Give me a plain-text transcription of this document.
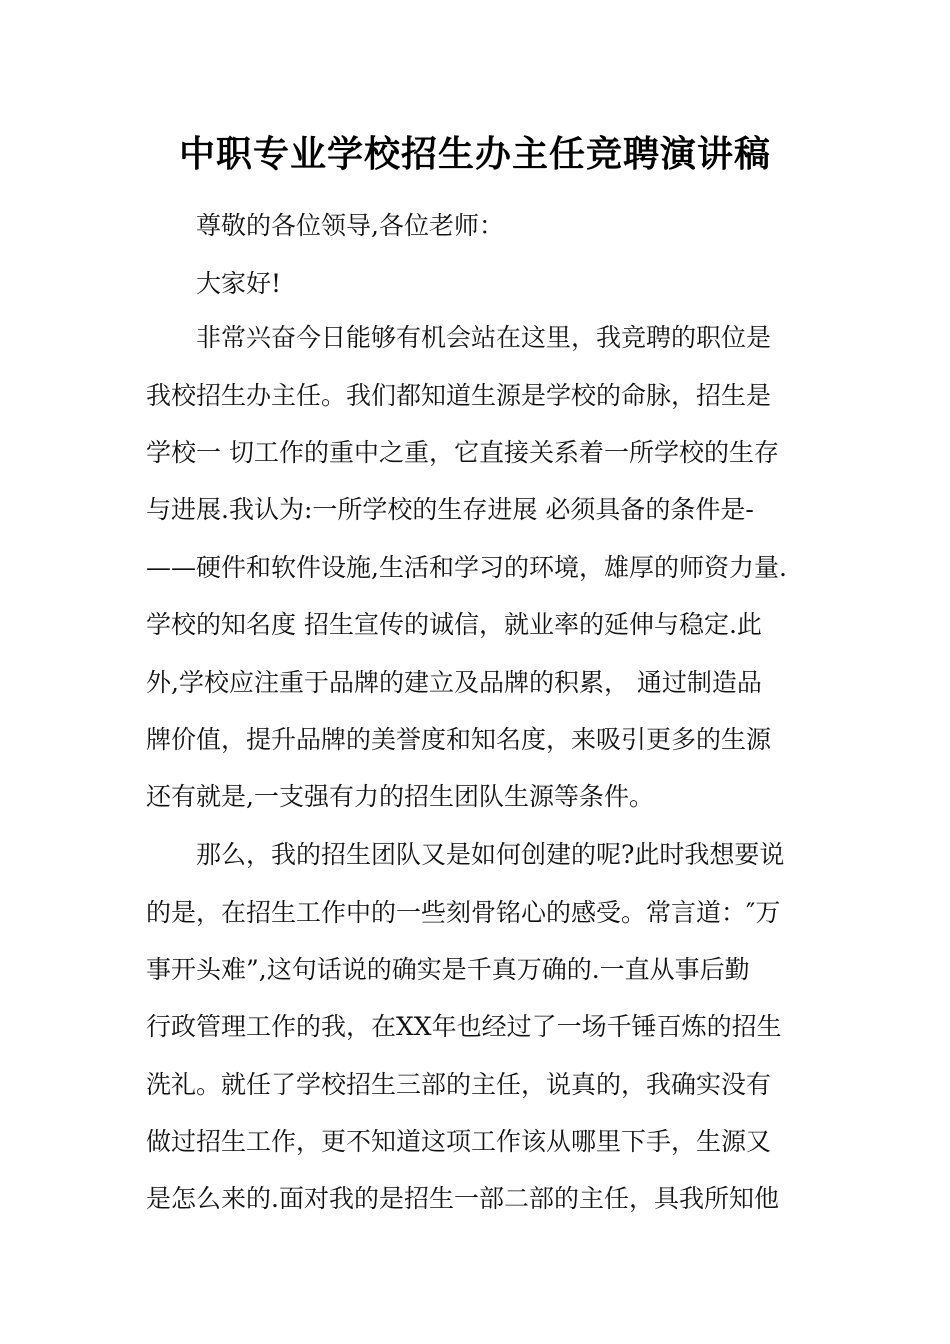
中职专业学校招生办主任竞聘演讲稿

尊敬的各位领导,各位老师：

大家好!

非常兴奋今日能够有机会站在这里，我竞聘的职位是

我校招生办主任。我们都知道生源是学校的命脉，招生是

学校一 切工作的重中之重，它直接关系着一所学校的生存

与进展.我认为:一所学校的生存进展 必须具备的条件是-

——硬件和软件设施,生活和学习的环境，雄厚的师资力量.

学校的知名度 招生宣传的诚信，就业率的延伸与稳定.此

外,学校应注重于品牌的建立及品牌的积累， 通过制造品

牌价值，提升品牌的美誉度和知名度，来吸引更多的生源

还有就是,一支强有力的招生团队生源等条件。

那么，我的招生团队又是如何创建的呢?此时我想要说

的是，在招生工作中的一些刻骨铭心的感受。常言道：″万

事开头难”,这句话说的确实是千真万确的.一直从事后勤

行政管理工作的我，在XX年也经过了一场千锤百炼的招生

洗礼。就任了学校招生三部的主任，说真的，我确实没有

做过招生工作，更不知道这项工作该从哪里下手，生源又

是怎么来的.面对我的是招生一部二部的主任，具我所知他
